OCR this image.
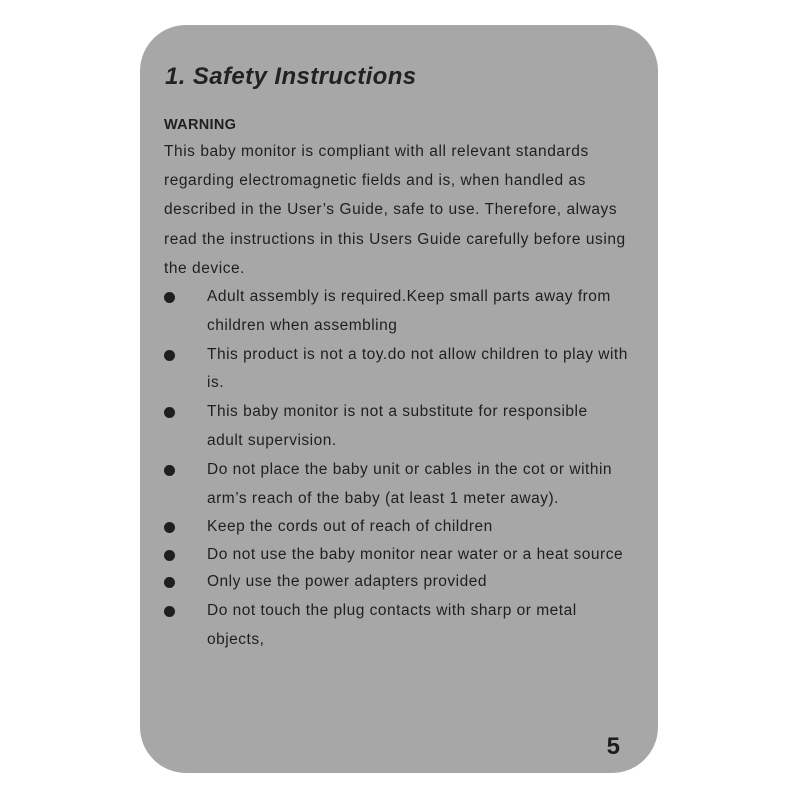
1. Safety Instructions
WARNING

This baby monitor is compliant with all relevant standards regarding electromagnetic fields and is, when handled as described in the User’s Guide, safe to use. Therefore, always read the instructions in this Users Guide carefully before using the device.

Adult assembly is required.Keep small parts away from children when assembling
This product is not a toy.do not allow children to play with is.
This baby monitor is not a substitute for responsible adult supervision.
Do not place the baby unit or cables in the cot or within arm’s reach of the baby (at least 1 meter away).
Keep the cords out of reach of children
Do not use the baby monitor near water or a heat source
Only use the power adapters provided
Do not touch the plug contacts with sharp or metal objects,
5
